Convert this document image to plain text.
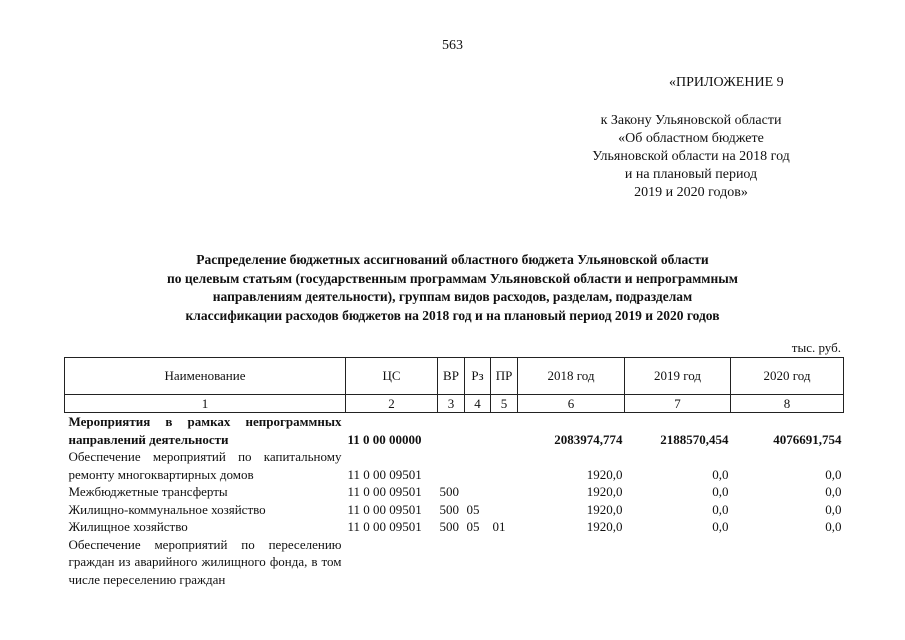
563
«ПРИЛОЖЕНИЕ 9
к Закону Ульяновской области
«Об областном бюджете
Ульяновской области на 2018 год
и на плановый период
2019 и 2020 годов»
Распределение бюджетных ассигнований областного бюджета Ульяновской области
по целевым статьям (государственным программам Ульяновской области и непрограммным
направлениям деятельности), группам видов расходов, разделам, подразделам
классификации расходов бюджетов на 2018 год и на плановый период 2019 и 2020 годов
тыс. руб.
Наименование	ЦС	ВР	Рз	ПР	2018 год	2019 год	2020 год
1	2	3	4	5	6	7	8
Мероприятия в рамках непрограммных направлений деятельности	11 0 00 00000				2083974,774	2188570,454	4076691,754
Обеспечение мероприятий по капитальному ремонту многоквартирных домов	11 0 00 09501				1920,0	0,0	0,0
Межбюджетные трансферты	11 0 00 09501	500			1920,0	0,0	0,0
Жилищно-коммунальное хозяйство	11 0 00 09501	500	05		1920,0	0,0	0,0
Жилищное хозяйство	11 0 00 09501	500	05	01	1920,0	0,0	0,0
Обеспечение мероприятий по переселению граждан из аварийного жилищного фонда, в том числе переселению граждан							
